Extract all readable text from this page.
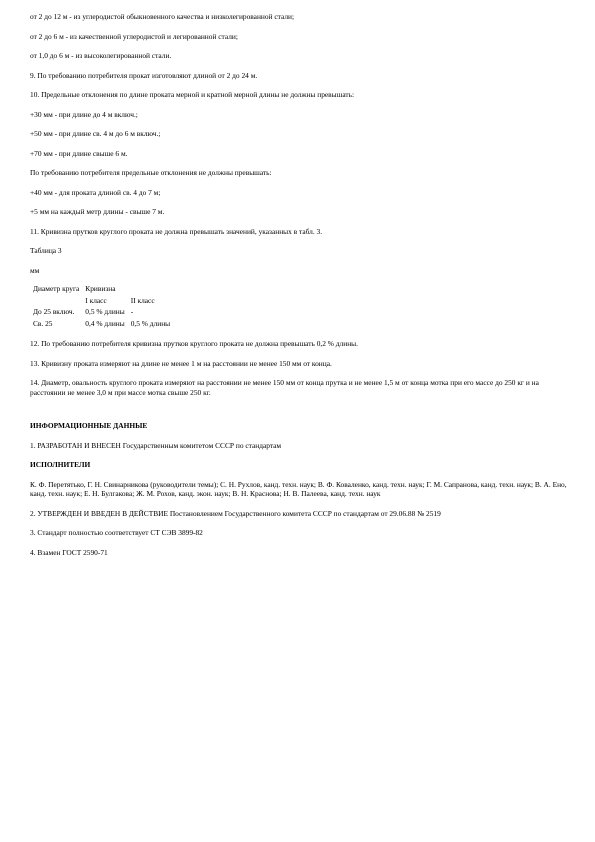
от 2 до 12 м - из углеродистой обыкновенного качества и низколегированной стали;

от 2 до 6 м - из качественной углеродистой и легированной стали;

от 1,0 до 6 м - из высоколегированной стали.

9. По требованию потребителя прокат изготовляют длиной от 2 до 24 м.

10. Предельные отклонения по длине проката мерной и кратной мерной длины не должны превышать:

+30 мм - при длине до 4 м включ.;

+50 мм - при длине св. 4 м до 6 м включ.;

+70 мм - при длине свыше 6 м.

По требованию потребителя предельные отклонения не должны превышать:

+40 мм - для проката длиной св. 4 до 7 м;

+5 мм на каждый метр длины - свыше 7 м.

11. Кривизна прутков круглого проката не должна превышать значений, указанных в табл. 3.

Таблица 3

мм

Диаметр круга	Кривизна	
	I класс	II класс
До 25 включ.	0,5 % длины	-
Св. 25	0,4 % длины	0,5 % длины

12. По требованию потребителя кривизна прутков круглого проката не должна превышать 0,2 % длины.

13. Кривизну проката измеряют на длине не менее 1 м на расстоянии не менее 150 мм от конца.

14. Диаметр, овальность круглого проката измеряют на расстоянии не менее 150 мм от конца прутка и не менее 1,5 м от конца мотка при его массе до 250 кг и на расстоянии не менее 3,0 м при массе мотка свыше 250 кг.

ИНФОРМАЦИОННЫЕ ДАННЫЕ

1. РАЗРАБОТАН И ВНЕСЕН Государственным комитетом СССР по стандартам

ИСПОЛНИТЕЛИ

К. Ф. Перетятько, Г. Н. Свинарникова (руководители темы); С. Н. Рухлов, канд. техн. наук; В. Ф. Коваленко, канд. техн. наук; Г. М. Сапранова, канд. техн. наук; В. А. Ено, канд. техн. наук; Е. Н. Булгакова; Ж. М. Рохов, канд. экон. наук; В. Н. Краснова; Н. В. Палеева, канд. техн. наук

2. УТВЕРЖДЕН И ВВЕДЕН В ДЕЙСТВИЕ Постановлением Государственного комитета СССР по стандартам от 29.06.88 № 2519

3. Стандарт полностью соответствует СТ СЭВ 3899-82

4. Взамен ГОСТ 2590-71
